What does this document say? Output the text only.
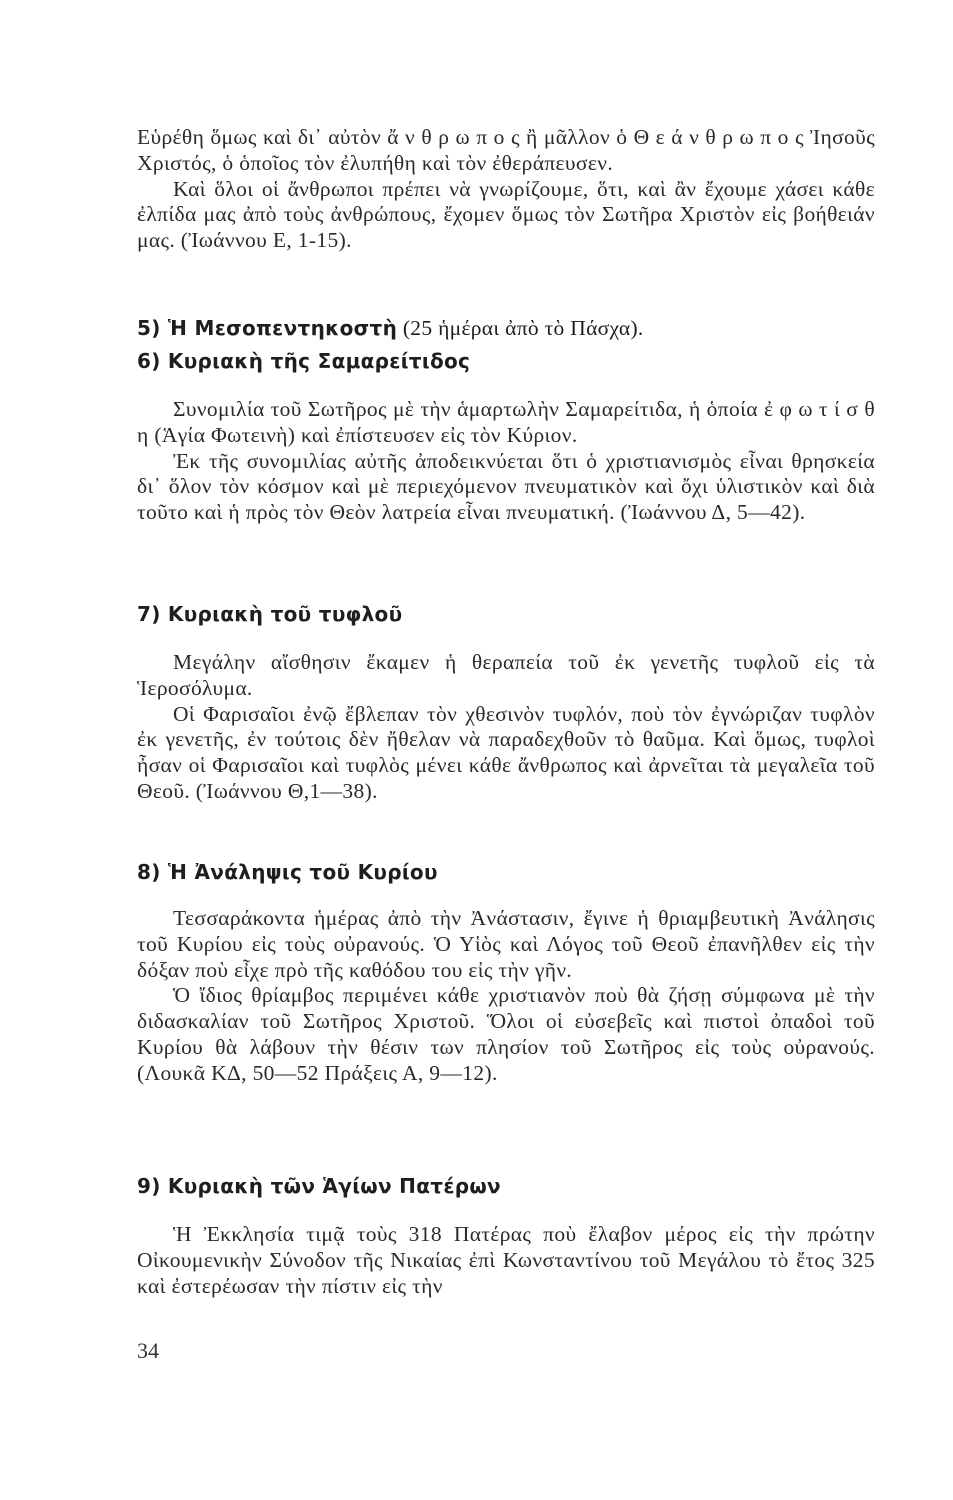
Εὑρέθη ὅμως καὶ δι᾽ αὐτὸν ἄ ν θ ρ ω π ο ς ἢ μᾶλλον ὁ Θ ε ά ν θ ρ ω π ο ς Ἰησοῦς Χριστός, ὁ ὁποῖος τὸν ἐλυπήθη καὶ τὸν ἐθεράπευσεν.

Καὶ ὅλοι οἱ ἄνθρωποι πρέπει νὰ γνωρίζουμε, ὅτι, καὶ ἂν ἔχουμε χάσει κάθε ἐλπίδα μας ἀπὸ τοὺς ἀνθρώπους, ἔχομεν ὅμως τὸν Σωτῆρα Χριστὸν εἰς βοήθειάν μας. (Ἰωάννου Ε, 1-15).

5) Ἡ Μεσοπεντηκοστὴ (25 ἡμέραι ἀπὸ τὸ Πάσχα).
6) Κυριακὴ τῆς Σαμαρείτιδος

Συνομιλία τοῦ Σωτῆρος μὲ τὴν ἁμαρτωλὴν Σαμαρείτιδα, ἡ ὁποία ἐ φ ω τ ί σ θ η (Ἁγία Φωτεινὴ) καὶ ἐπίστευσεν εἰς τὸν Κύριον.

Ἐκ τῆς συνομιλίας αὐτῆς ἀποδεικνύεται ὅτι ὁ χριστιανισμὸς εἶναι θρησκεία δι᾽ ὅλον τὸν κόσμον καὶ μὲ περιεχόμενον πνευματικὸν καὶ ὄχι ὑλιστικὸν καὶ διὰ τοῦτο καὶ ἡ πρὸς τὸν Θεὸν λατρεία εἶναι πνευματική. (Ἰωάννου Δ, 5—42).

7) Κυριακὴ τοῦ τυφλοῦ

Μεγάλην αἴσθησιν ἔκαμεν ἡ θεραπεία τοῦ ἐκ γενετῆς τυφλοῦ εἰς τὰ Ἱεροσόλυμα.

Οἱ Φαρισαῖοι ἐνῷ ἔβλεπαν τὸν χθεσινὸν τυφλόν, ποὺ τὸν ἐγνώριζαν τυφλὸν ἐκ γενετῆς, ἐν τούτοις δὲν ἤθελαν νὰ παραδεχθοῦν τὸ θαῦμα. Καὶ ὅμως, τυφλοὶ ἦσαν οἱ Φαρισαῖοι καὶ τυφλὸς μένει κάθε ἄνθρωπος καὶ ἀρνεῖται τὰ μεγαλεῖα τοῦ Θεοῦ. (Ἰωάννου Θ,1—38).

8) Ἡ Ἀνάληψις τοῦ Κυρίου

Τεσσαράκοντα ἡμέρας ἀπὸ τὴν Ἀνάστασιν, ἔγινε ἡ θριαμβευτικὴ Ἀνάλησις τοῦ Κυρίου εἰς τοὺς οὐρανούς. Ὁ Υἱὸς καὶ Λόγος τοῦ Θεοῦ ἐπανῆλθεν εἰς τὴν δόξαν ποὺ εἶχε πρὸ τῆς καθόδου του εἰς τὴν γῆν.

Ὁ ἴδιος θρίαμβος περιμένει κάθε χριστιανὸν ποὺ θὰ ζήσῃ σύμφωνα μὲ τὴν διδασκαλίαν τοῦ Σωτῆρος Χριστοῦ. Ὅλοι οἱ εὐσεβεῖς καὶ πιστοὶ ὀπαδοὶ τοῦ Κυρίου θὰ λάβουν τὴν θέσιν των πλησίον τοῦ Σωτῆρος εἰς τοὺς οὐρανούς. (Λουκᾶ ΚΔ, 50—52 Πράξεις Α, 9—12).

9) Κυριακὴ τῶν Ἁγίων Πατέρων

Ἡ Ἐκκλησία τιμᾷ τοὺς 318 Πατέρας ποὺ ἔλαβον μέρος εἰς τὴν πρώτην Οἰκουμενικὴν Σύνοδον τῆς Νικαίας ἐπὶ Κωνσταντίνου τοῦ Μεγάλου τὸ ἔτος 325 καὶ ἐστερέωσαν τὴν πίστιν εἰς τὴν

34
